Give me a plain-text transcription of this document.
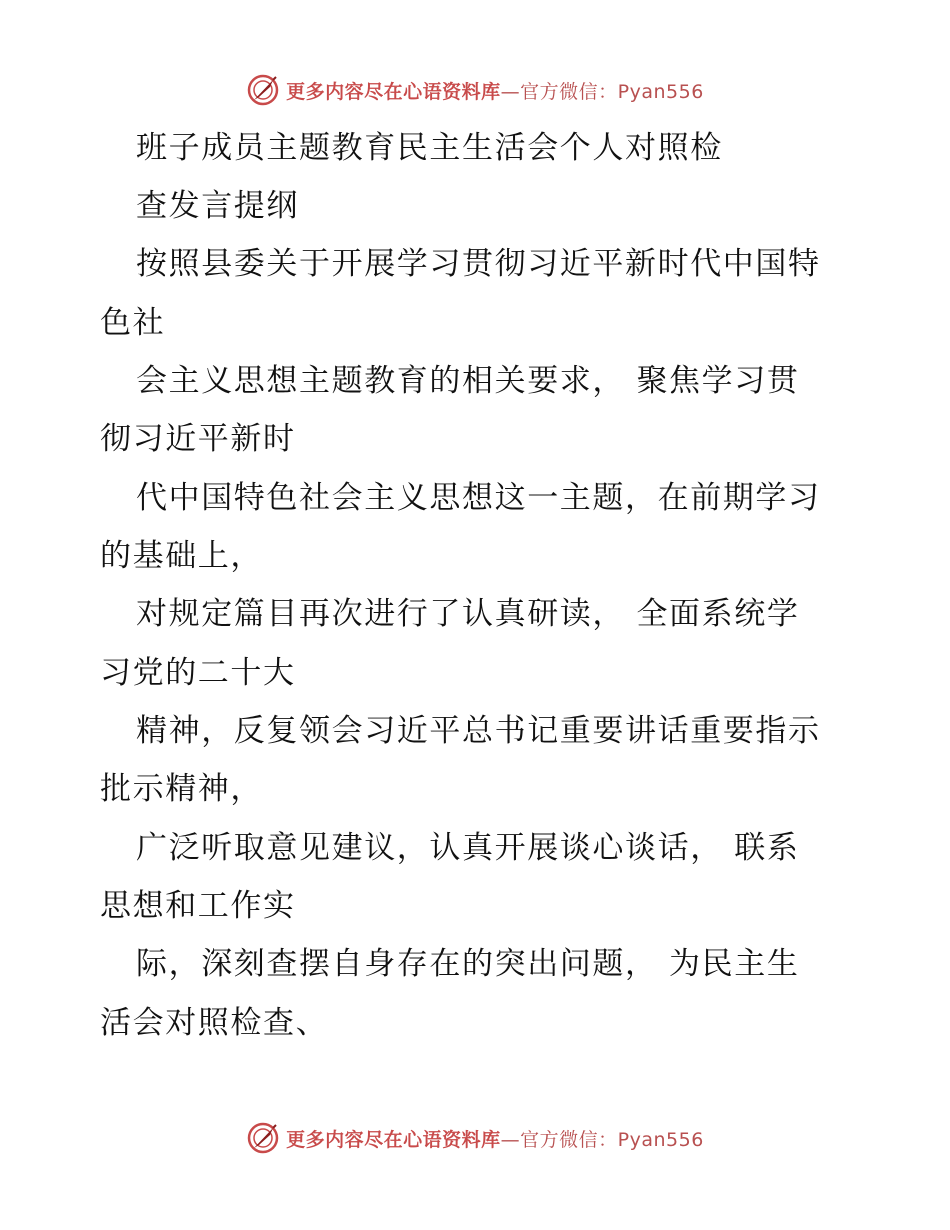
更多内容尽在心语资料库—官方微信：Pyan556
班子成员主题教育民主生活会个人对照检
查发言提纲
按照县委关于开展学习贯彻习近平新时代中国特
色社
会主义思想主题教育的相关要求， 聚焦学习贯
彻习近平新时
代中国特色社会主义思想这一主题，在前期学习
的基础上，
对规定篇目再次进行了认真研读， 全面系统学
习党的二十大
精神，反复领会习近平总书记重要讲话重要指示
批示精神，
广泛听取意见建议，认真开展谈心谈话， 联系
思想和工作实
际，深刻查摆自身存在的突出问题， 为民主生
活会对照检查、
更多内容尽在心语资料库—官方微信：Pyan556
